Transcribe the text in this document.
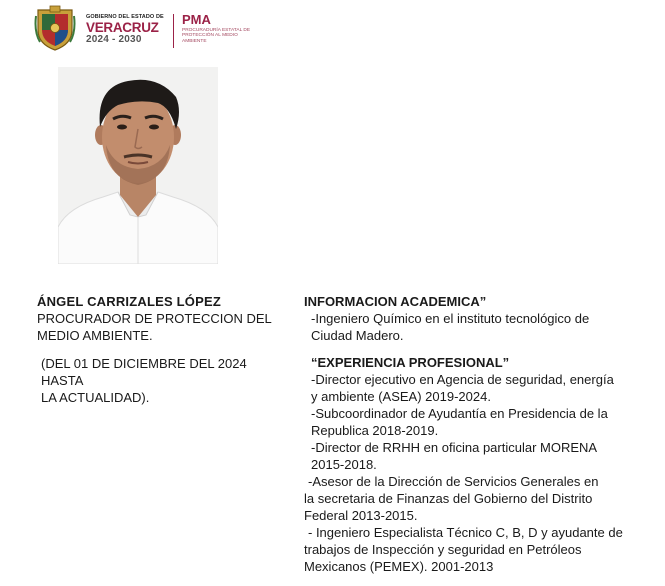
GOBIERNO DEL ESTADO DE
VERACRUZ
2024 - 2030
PMA
PROCURADURÍA ESTATAL DE PROTECCIÓN AL MEDIO AMBIENTE
ÁNGEL CARRIZALES LÓPEZ
PROCURADOR DE PROTECCION DEL
MEDIO AMBIENTE.
(DEL 01 DE DICIEMBRE DEL 2024 HASTA
LA ACTUALIDAD).
INFORMACION ACADEMICA”
-Ingeniero Químico en el instituto tecnológico de
Ciudad Madero.
“EXPERIENCIA PROFESIONAL”
-Director ejecutivo en Agencia de seguridad, energía
y ambiente (ASEA) 2019-2024.
-Subcoordinador de Ayudantía en Presidencia de la
Republica 2018-2019.
-Director de RRHH en oficina particular MORENA
2015-2018.
-Asesor de la Dirección de Servicios Generales en
la secretaria de Finanzas del Gobierno del Distrito
Federal 2013-2015.
- Ingeniero Especialista Técnico C, B, D y ayudante de
trabajos de Inspección y seguridad en Petróleos
Mexicanos (PEMEX). 2001-2013
